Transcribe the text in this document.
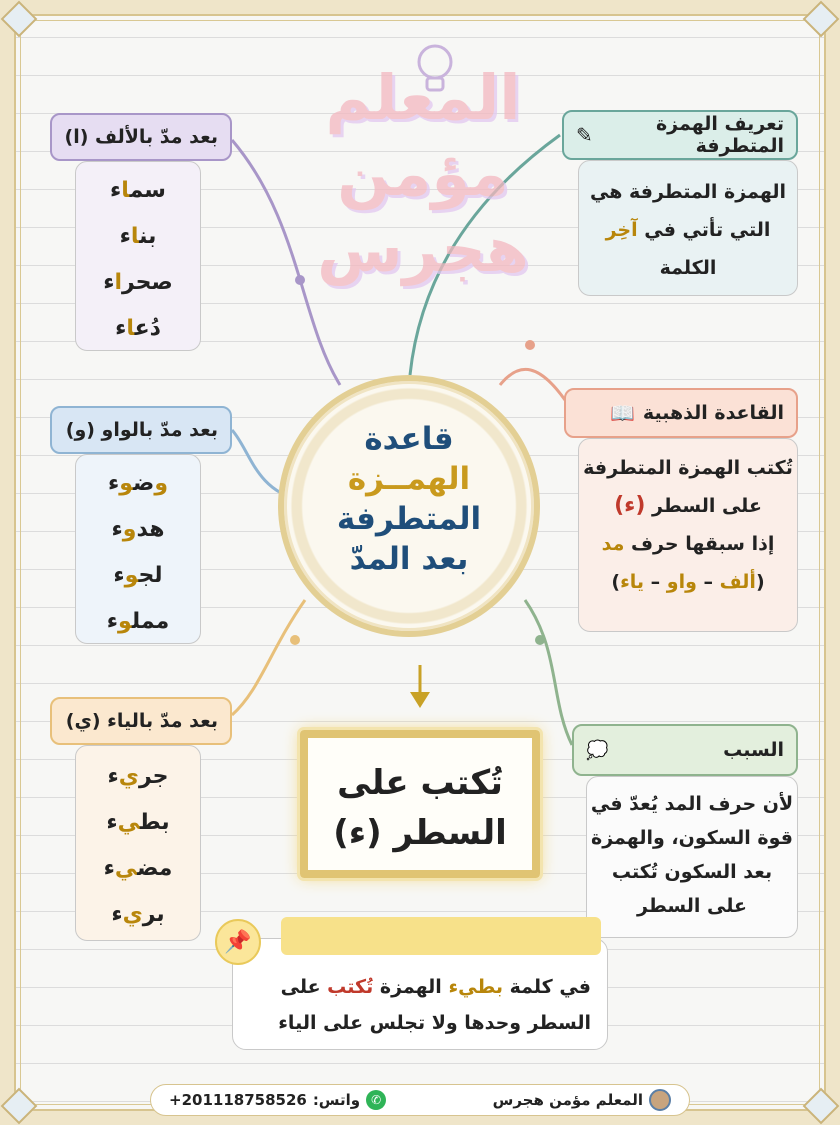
المعلم
مؤمن
هجرس
تعريف الهمزة المتطرفة
✎
الهمزة المتطرفة هي
التي تأتي في آخِر
الكلمة
القاعدة الذهبية
📖
تُكتب الهمزة المتطرفة
على السطر (ء)
إذا سبقها حرف مد
(ألف – واو – ياء)
السبب
💭
لأن حرف المد يُعدّ في
قوة السكون، والهمزة
بعد السكون تُكتب
على السطر
بعد مدّ بالألف (ا)
سماء
بناء
صحراء
دُعاء
بعد مدّ بالواو (و)
وضوء
هدوء
لجوء
مملوء
بعد مدّ بالياء (ي)
جريء
بطيء
مضيء
بريء
قاعدة
الهمــزة
المتطرفة
بعد المدّ
تُكتب على
السطر (ء)
📌
في كلمة بطيء الهمزة تُكتب على
السطر وحدها ولا تجلس على الياء
المعلم مؤمن هجرس
✆
واتس:
+201118758526
